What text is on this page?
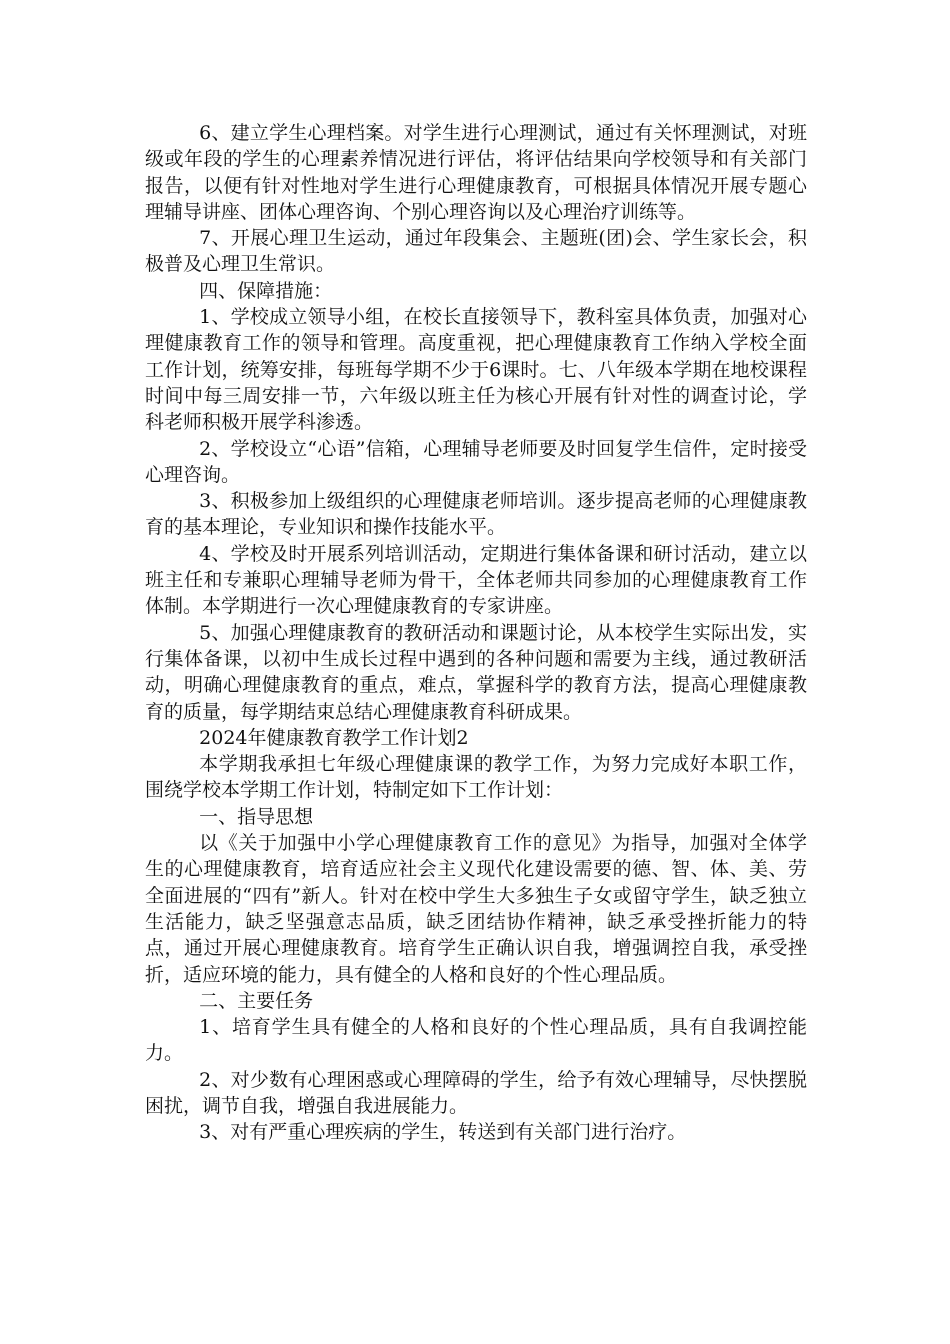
6、建立学生心理档案。对学生进行心理测试，通过有关怀理测试，对班级或年段的学生的心理素养情况进行评估，将评估结果向学校领导和有关部门报告，以便有针对性地对学生进行心理健康教育，可根据具体情况开展专题心理辅导讲座、团体心理咨询、个别心理咨询以及心理治疗训练等。

7、开展心理卫生运动，通过年段集会、主题班(团)会、学生家长会，积极普及心理卫生常识。

四、保障措施：

1、学校成立领导小组，在校长直接领导下，教科室具体负责，加强对心理健康教育工作的领导和管理。高度重视，把心理健康教育工作纳入学校全面工作计划，统筹安排，每班每学期不少于6课时。七、八年级本学期在地校课程时间中每三周安排一节，六年级以班主任为核心开展有针对性的调查讨论，学科老师积极开展学科渗透。

2、学校设立“心语”信箱，心理辅导老师要及时回复学生信件，定时接受心理咨询。

3、积极参加上级组织的心理健康老师培训。逐步提高老师的心理健康教育的基本理论，专业知识和操作技能水平。

4、学校及时开展系列培训活动，定期进行集体备课和研讨活动，建立以班主任和专兼职心理辅导老师为骨干，全体老师共同参加的心理健康教育工作体制。本学期进行一次心理健康教育的专家讲座。

5、加强心理健康教育的教研活动和课题讨论，从本校学生实际出发，实行集体备课，以初中生成长过程中遇到的各种问题和需要为主线，通过教研活动，明确心理健康教育的重点，难点，掌握科学的教育方法，提高心理健康教育的质量，每学期结束总结心理健康教育科研成果。

2024年健康教育教学工作计划2

本学期我承担七年级心理健康课的教学工作，为努力完成好本职工作，围绕学校本学期工作计划，特制定如下工作计划：

一、指导思想

以《关于加强中小学心理健康教育工作的意见》为指导，加强对全体学生的心理健康教育，培育适应社会主义现代化建设需要的德、智、体、美、劳全面进展的“四有”新人。针对在校中学生大多独生子女或留守学生，缺乏独立生活能力，缺乏坚强意志品质，缺乏团结协作精神，缺乏承受挫折能力的特点，通过开展心理健康教育。培育学生正确认识自我，增强调控自我，承受挫折，适应环境的能力，具有健全的人格和良好的个性心理品质。

二、主要任务

1、培育学生具有健全的人格和良好的个性心理品质，具有自我调控能力。

2、对少数有心理困惑或心理障碍的学生，给予有效心理辅导，尽快摆脱困扰，调节自我，增强自我进展能力。

3、对有严重心理疾病的学生，转送到有关部门进行治疗。
